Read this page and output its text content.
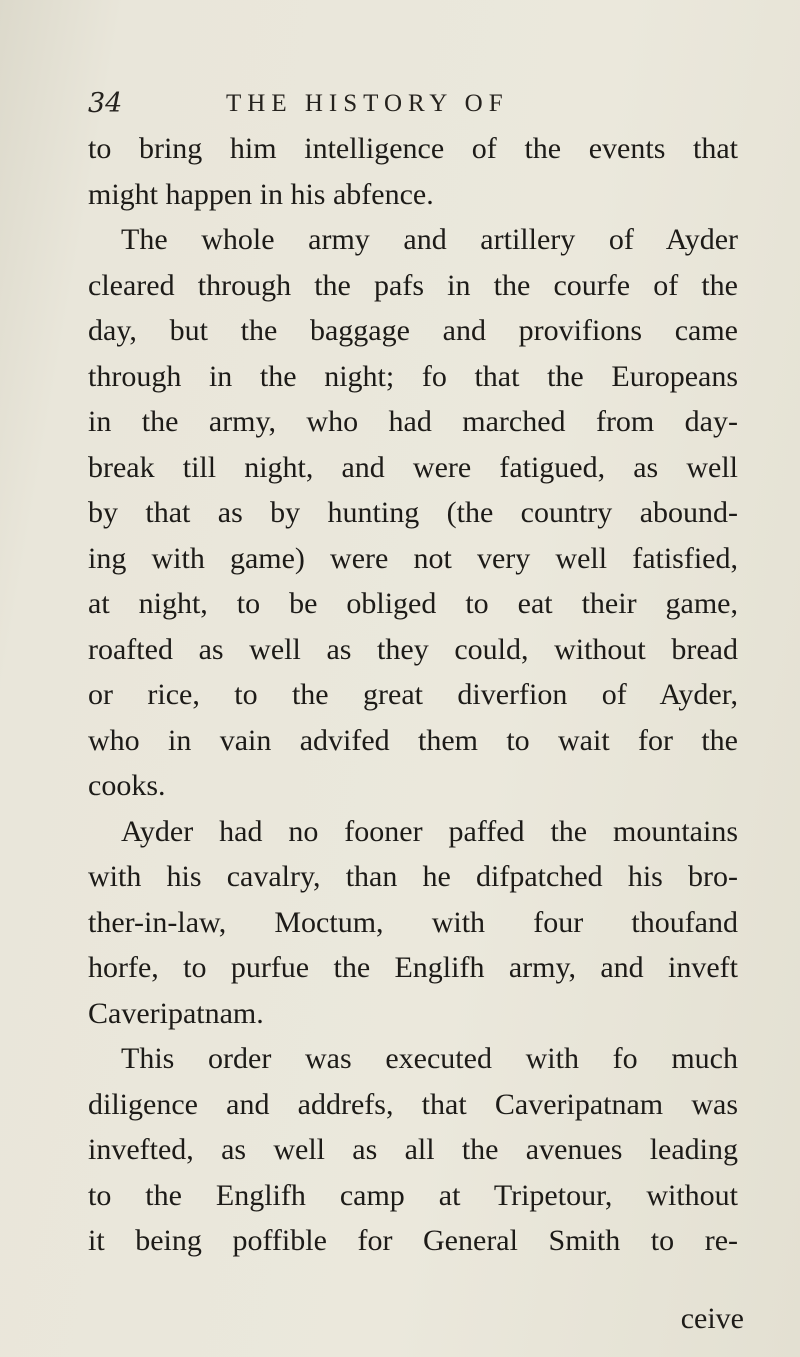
34	THE HISTORY OF
to bring him intelligence of the events that
might happen in his abfence.
The whole army and artillery of Ayder
cleared through the pafs in the courfe of the
day, but the baggage and provifions came
through in the night; fo that the Europeans
in the army, who had marched from day-
break till night, and were fatigued, as well
by that as by hunting (the country abound-
ing with game) were not very well fatisfied,
at night, to be obliged to eat their game,
roafted as well as they could, without bread
or rice, to the great diverfion of Ayder,
who in vain advifed them to wait for the
cooks.
Ayder had no fooner paffed the mountains
with his cavalry, than he difpatched his bro-
ther-in-law, Moctum, with four thoufand
horfe, to purfue the Englifh army, and inveft
Caveripatnam.
This order was executed with fo much
diligence and addrefs, that Caveripatnam was
invefted, as well as all the avenues leading
to the Englifh camp at Tripetour, without
it being poffible for General Smith to re-
ceive
